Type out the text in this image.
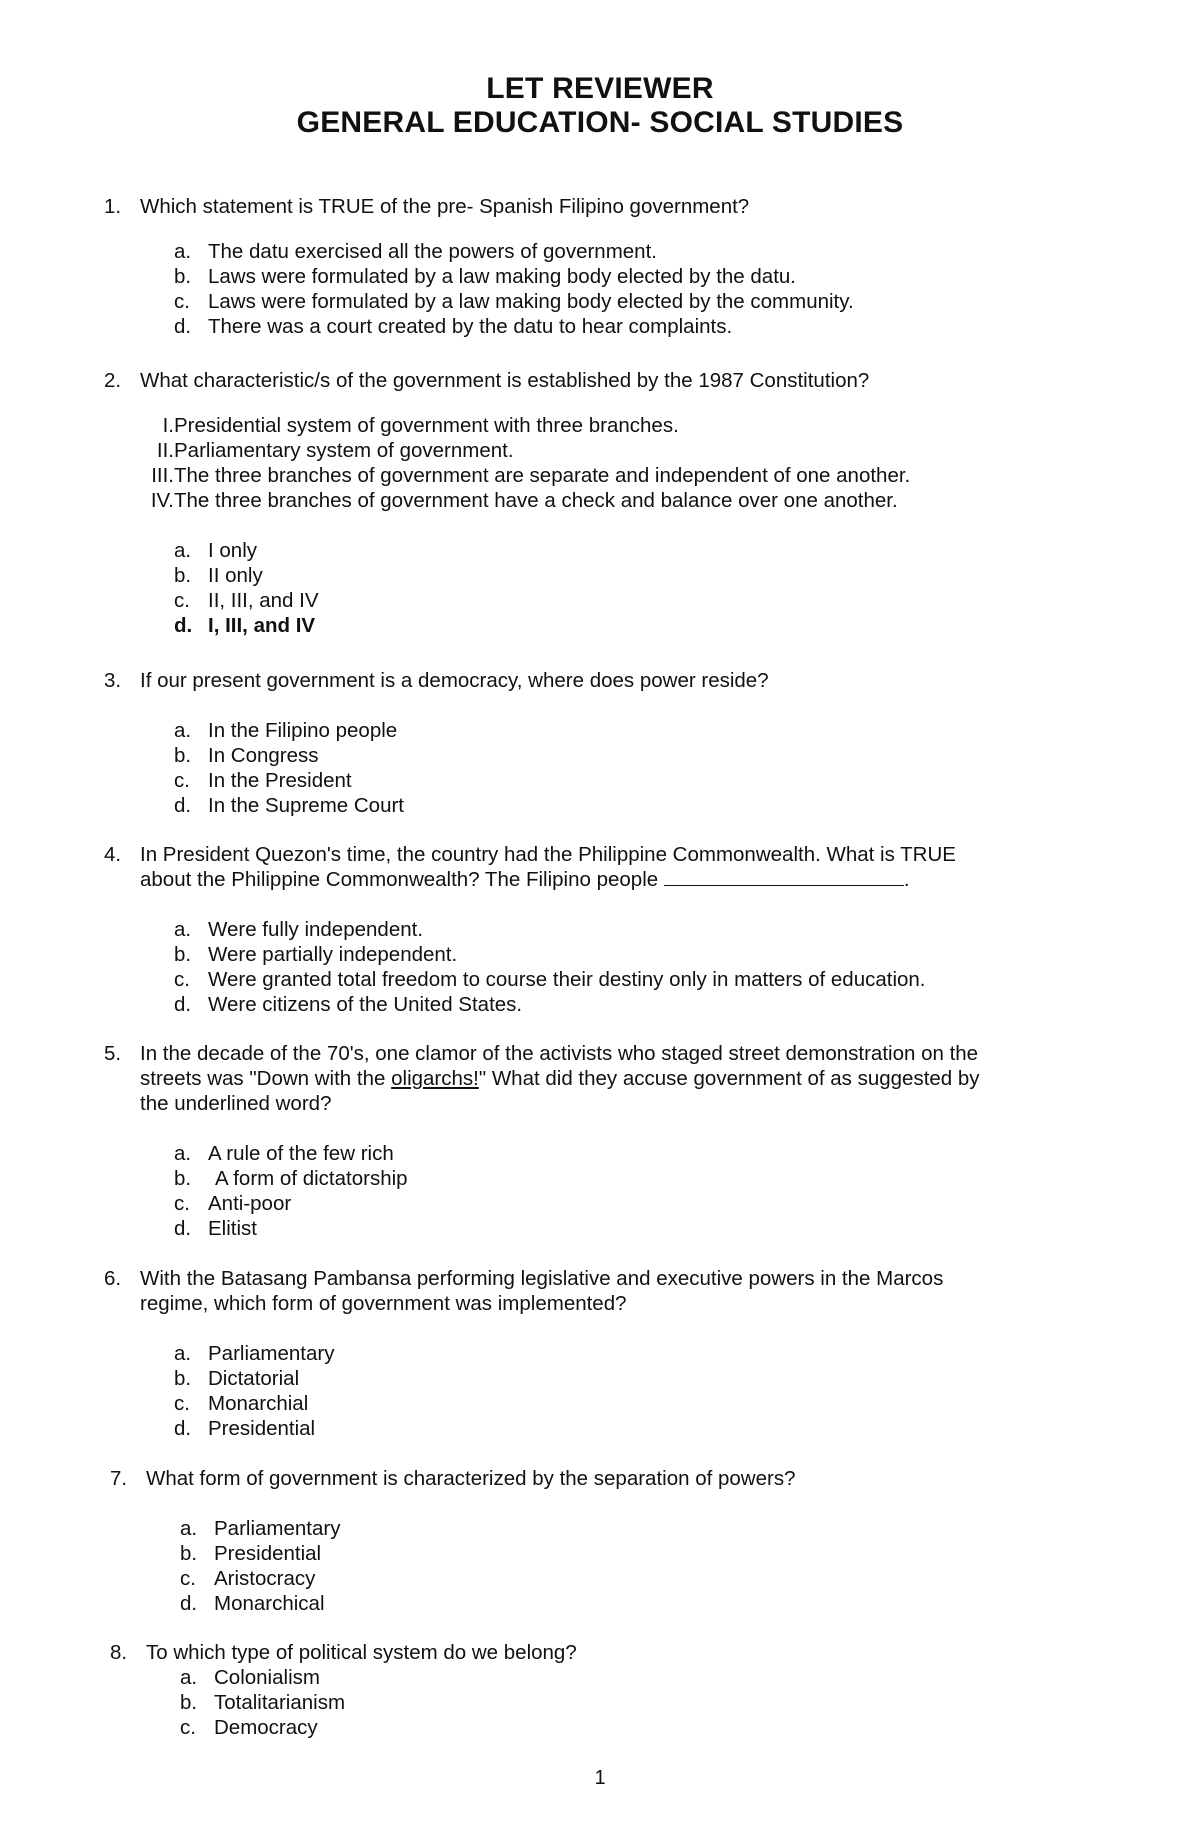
LET REVIEWER
GENERAL EDUCATION- SOCIAL STUDIES
1. Which statement is TRUE of the pre- Spanish Filipino government?
a. The datu exercised all the powers of government.
b. Laws were formulated by a law making body elected by the datu.
c. Laws were formulated by a law making body elected by the community.
d. There was a court created by the datu to hear complaints.
2. What characteristic/s of the government is established by the 1987 Constitution?
I. Presidential system of government with three branches.
II. Parliamentary system of government.
III. The three branches of government are separate and independent of one another.
IV. The three branches of government have a check and balance over one another.
a. I only
b. II only
c. II, III, and IV
d. I, III, and IV
3. If our present government is a democracy, where does power reside?
a. In the Filipino people
b. In Congress
c. In the President
d. In the Supreme Court
4. In President Quezon's time, the country had the Philippine Commonwealth. What is TRUE
about the Philippine Commonwealth? The Filipino people	.
a. Were fully independent.
b. Were partially independent.
c. Were granted total freedom to course their destiny only in matters of education.
d. Were citizens of the United States.
5. In the decade of the 70's, one clamor of the activists who staged street demonstration on the
streets was "Down with the oligarchs!" What did they accuse government of as suggested by
the underlined word?
a. A rule of the few rich
b. A form of dictatorship
c. Anti-poor
d. Elitist
6. With the Batasang Pambansa performing legislative and executive powers in the Marcos
regime, which form of government was implemented?
a. Parliamentary
b. Dictatorial
c. Monarchial
d. Presidential
7. What form of government is characterized by the separation of powers?
a. Parliamentary
b. Presidential
c. Aristocracy
d. Monarchical
8. To which type of political system do we belong?
a. Colonialism
b. Totalitarianism
c. Democracy
1
